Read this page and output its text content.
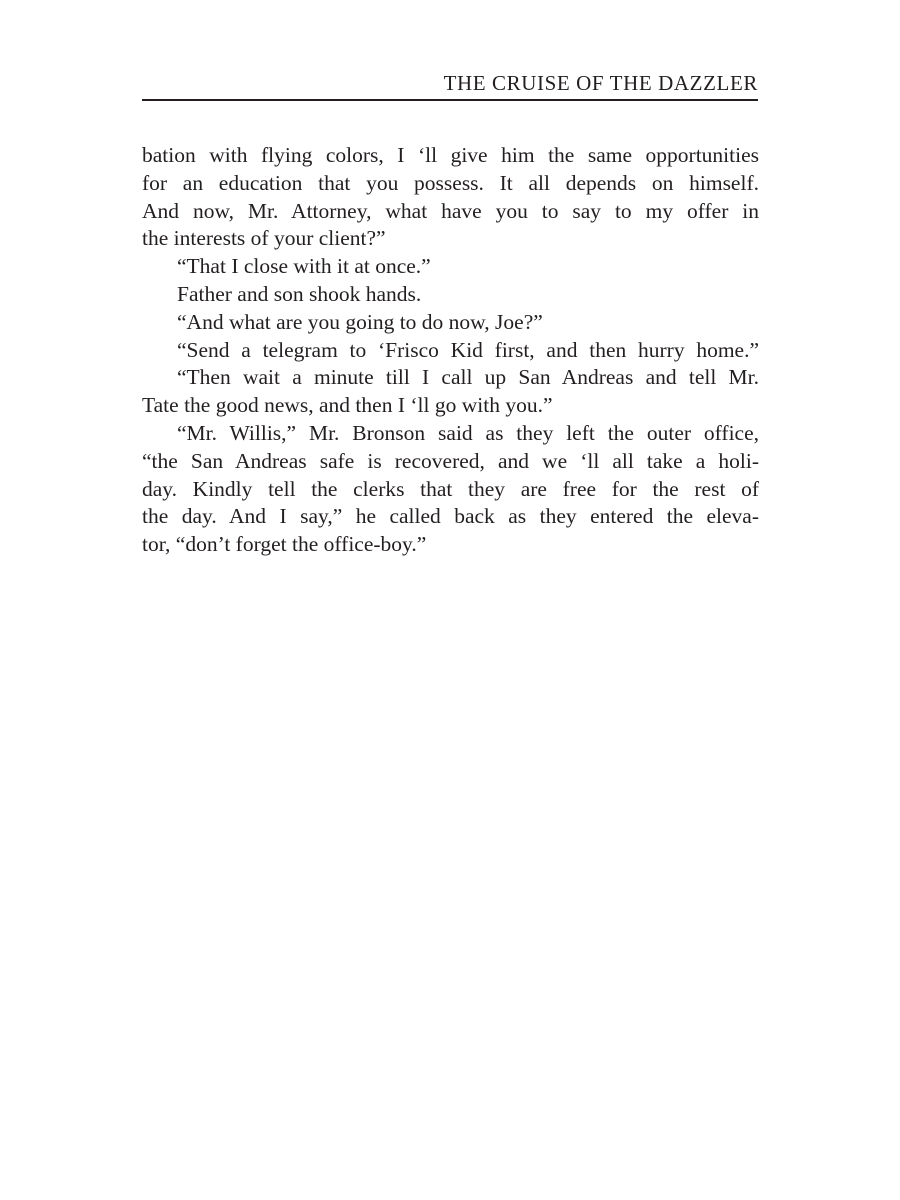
THE CRUISE OF THE DAZZLER
bation with flying colors, I ‘ll give him the same opportunities
for an education that you possess. It all depends on himself.
And now, Mr. Attorney, what have you to say to my offer in
the interests of your client?”
“That I close with it at once.”
Father and son shook hands.
“And what are you going to do now, Joe?”
“Send a telegram to ‘Frisco Kid first, and then hurry home.”
“Then wait a minute till I call up San Andreas and tell Mr.
Tate the good news, and then I ‘ll go with you.”
“Mr. Willis,” Mr. Bronson said as they left the outer office,
“the San Andreas safe is recovered, and we ‘ll all take a holi-
day. Kindly tell the clerks that they are free for the rest of
the day. And I say,” he called back as they entered the eleva-
tor, “don’t forget the office-boy.”
